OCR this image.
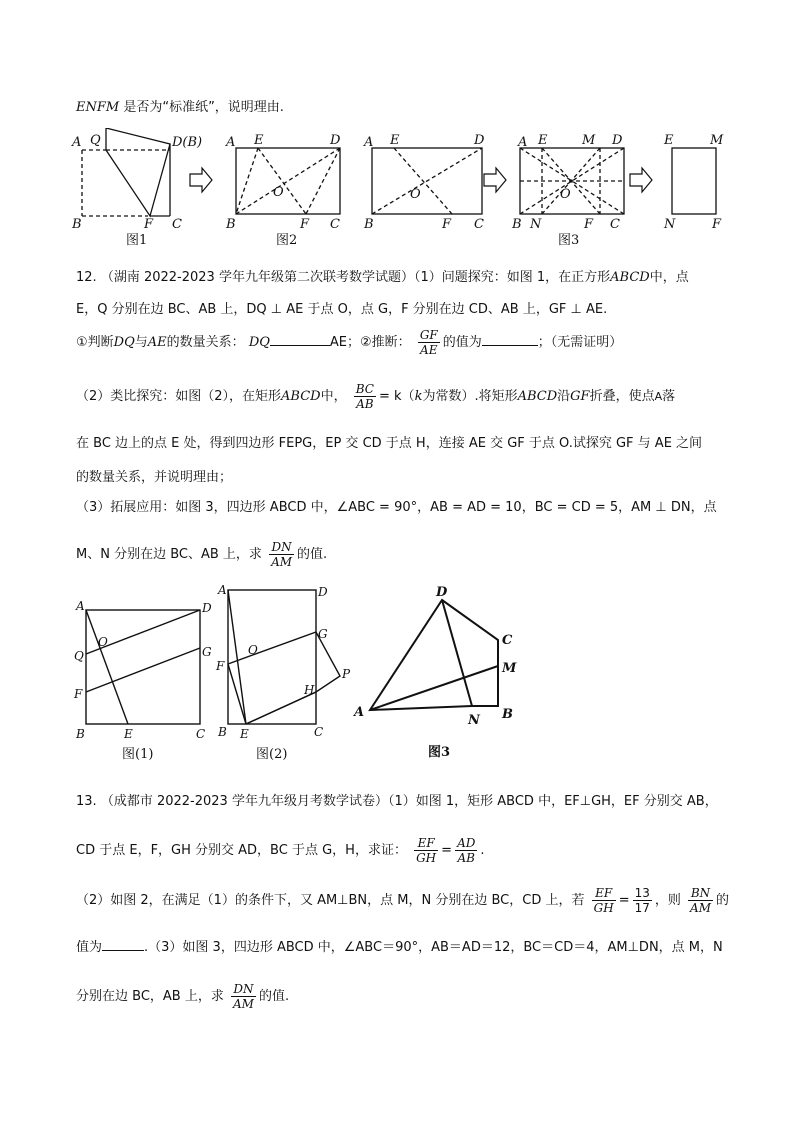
ENFM 是否为“标准纸”，说明理由.
A Q	D(B)
B	F C
A E	D
O
B	F C
A E	D
O
B	F C
A E	M D
O
B N	F C
E	M
N	F
图1	图2	图3
12. （湖南 2022-2023 学年九年级第二次联考数学试题）（1）问题探究：如图 1，在正方形ABCD中，点
E，Q 分别在边 BC、AB 上，DQ ⊥ AE 于点 O，点 G，F 分别在边 CD、AB 上，GF ⊥ AE.
①判断DQ与AE的数量关系： DQ	AE；②推断： $\frac{GF}{AE}$ 的值为	；（无需证明）
（2）类比探究：如图（2），在矩形ABCD中， $\frac{BC}{AB} = k(k$为常数）.将矩形ABCD沿GF折叠，使点A落
在 BC 边上的点 E 处，得到四边形 FEPG，EP 交 CD 于点 H，连接 AE 交 GF 于点 O.试探究 GF 与 AE 之间
的数量关系，并说明理由；
（3）拓展应用：如图 3，四边形 ABCD 中，∠ABC = 90°，AB = AD = 10，BC = CD = 5，AM ⊥ DN，点
M、N 分别在边 BC、AB 上，求 $\frac{DN}{AM}$ 的值.
A	D
O
Q	G
F
B	E	C
A	D
G
O
F
P
H
B E	C
D
C
M
A
N B
图(1)	图(2)	图3
13. （成都市 2022-2023 学年九年级月考数学试卷）（1）如图 1，矩形 ABCD 中，EF⊥GH，EF 分别交 AB，
CD 于点 E，F，GH 分别交 AD，BC 于点 G，H，求证： $\frac{EF}{GH} = \frac{AD}{AB}$ .
（2）如图 2，在满足（1）的条件下，又 AM⊥BN，点 M，N 分别在边 BC，CD 上，若 $\frac{EF}{GH} = \frac{13}{17}$ ，则 $\frac{BN}{AM}$ 的
值为	.（3）如图 3，四边形 ABCD 中，∠ABC＝90°，AB＝AD＝12，BC＝CD＝4，AM⊥DN，点 M，N
分别在边 BC，AB 上，求 $\frac{DN}{AM}$ 的值.
